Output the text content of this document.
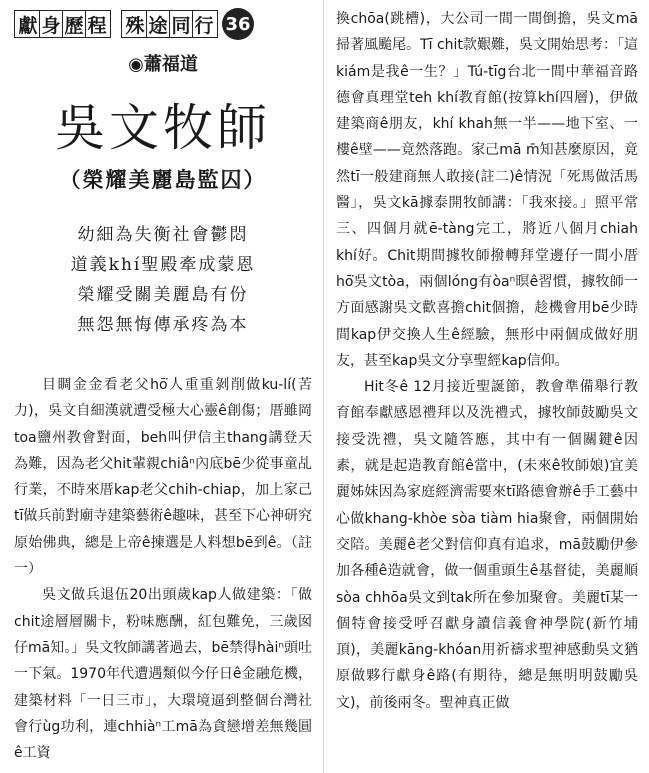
獻 身 歷 程 殊 途 同 行 36
◉蕭福道
吳文牧師
（榮耀美麗島監囚）
幼細為失衡社會鬱悶
道義khí聖殿牽成蒙恩
榮耀受關美麗島有份
無怨無悔傳承疼為本

目睭金金看老父hō͘人重重剝削做ku-lí(苦力)，吳文自細漢就遭受極大心靈ê創傷；厝雖岡toa鹽州教會對面，beh叫伊信主thang講登天為難，因為老父hit輩親chiâⁿ內底bē少從事童乩行業，不時來厝kap老父chih-chiap，加上家己tī做兵前對廟寺建築藝術ê趣味，甚至下心神研究原始佛典，總是上帝ê揀選是人料想bē到ê。（註一）

吳文做兵退伍20出頭歲kap人做建築：「做chit途層層關卡，粉味應酬，紅包難免，三歲囡仔mā知。」吳文牧師講著過去，bē禁得hàiⁿ頭吐一下氣。1970年代遭遇類似今仔日ê金融危機，建築材料「一日三市」，大環境逼到整個台灣社會行ùg功利，連chhiàⁿ工mā為貪戀增差無幾圓ê工資

換chōa(跳槽)，大公司一間一間倒擔，吳文mā掃著風颱尾。Tī chit款艱難，吳文開始思考：「這kiám是我ê一生？」Tú-tīg台北一間中華福音路德會真理堂teh khí教育館(按算khí四層)，伊做建築商ê朋友，khí khah無一半——地下室、一樓ê壁——竟然落跑。家己mā m̄知甚麼原因，竟然tī一般建商無人敢接(註二)ê情況「死馬做活馬醫」，吳文kā據泰開牧師講：「我來接。」照平常三、四個月就ē-tàng完工，將近八個月chiah khí好。Chit期間據牧師撥轉拜堂邊仔一間小厝hō͘吳文tòa，兩個lóng有òaⁿ暝ê習慣，據牧師一方面感謝吳文歡喜擔chit個擔，趁機會用bē少時間kap伊交換人生ê經驗，無形中兩個成做好朋友，甚至kap吳文分享聖經kap信仰。

Hit冬ê 12月接近聖誕節，教會準備舉行教育館奉獻感恩禮拜以及洗禮式，據牧師鼓勵吳文接受洗禮，吳文隨答應，其中有一個關鍵ê因素，就是起造教育館ê當中，(未來ê牧師娘)宜美麗姊妹因為家庭經濟需要來tī路德會辦ê手工藝中心做khang-khòe sòa tiàm hia聚會，兩個開始交陪。美麗ê老父對信仰真有追求，mā鼓勵伊參加各種ê造就會，做一個重頭生ê基督徒，美麗順sòa chhōa吳文到tak所在參加聚會。美麗tī某一個特會接受呼召獻身讀信義會神學院(新竹埔頂)，美麗kāng-khóan用祈禱求聖神感動吳文猶原做夥行獻身ê路(有期待，總是無明明鼓勵吳文)，前後兩冬。聖神真正做
